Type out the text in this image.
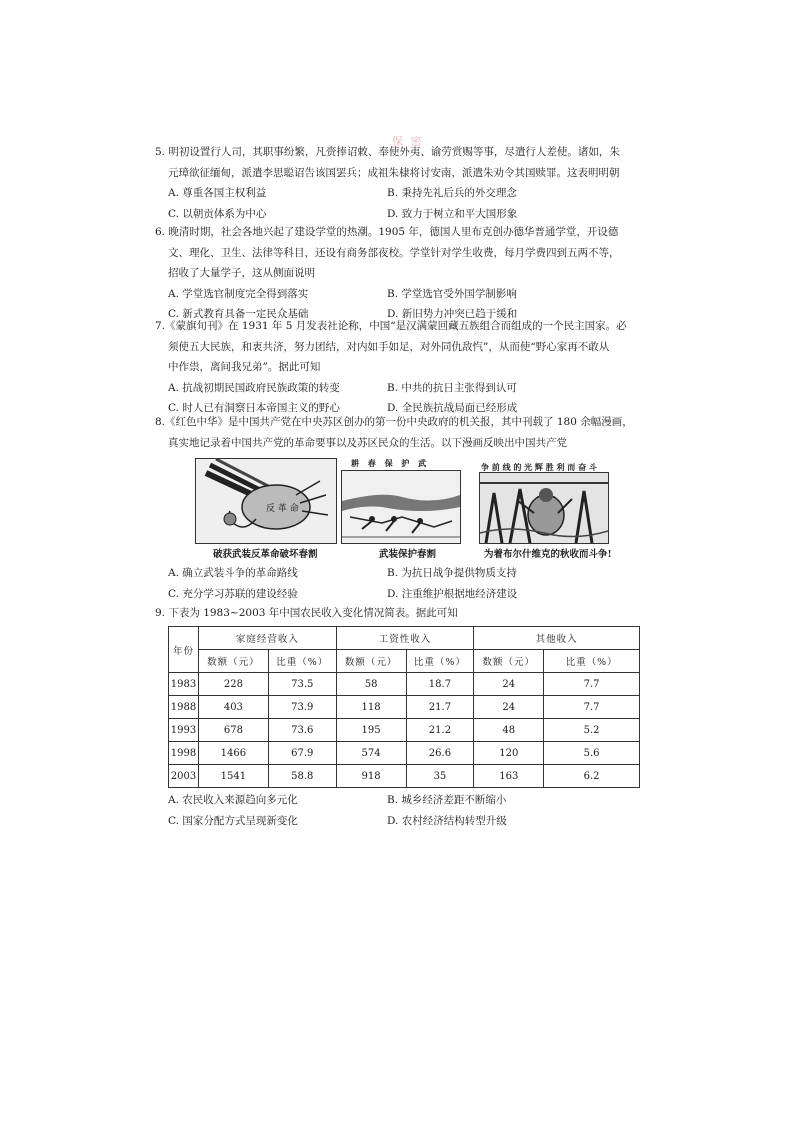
保 密
5. 明初设置行人司，其职事纷繁，凡赍捧诏敕、奉使外夷、谕劳赏赐等事，尽遣行人差使。诸如，朱
元璋欲征缅甸，派遣李思聪诏告该国罢兵；成祖朱棣将讨安南，派遣朱劝令其国赎罪。这表明明朝
A. 尊重各国主权利益	B. 秉持先礼后兵的外交理念
C. 以朝贡体系为中心	D. 致力于树立和平大国形象
6. 晚清时期，社会各地兴起了建设学堂的热潮。1905 年，德国人里布克创办德华普通学堂，开设德
文、理化、卫生、法律等科目，还设有商务部夜校。学堂针对学生收费，每月学费四到五两不等，
招收了大量学子，这从侧面说明
A. 学堂选官制度完全得到落实	B. 学堂选官受外国学制影响
C. 新式教育具备一定民众基础	D. 新旧势力冲突已趋于缓和
7.《蒙旗旬刊》在 1931 年 5 月发表社论称，中国“是汉满蒙回藏五族组合而组成的一个民主国家。必
须使五大民族，和衷共济，努力团结，对内如手如足，对外同仇敌忾”，从而使“野心家再不敢从
中作祟，离间我兄弟”。据此可知
A. 抗战初期民国政府民族政策的转变	B. 中共的抗日主张得到认可
C. 时人已有洞察日本帝国主义的野心	D. 全民族抗战局面已经形成
8.《红色中华》是中国共产党在中央苏区创办的第一份中央政府的机关报，其中刊载了 180 余幅漫画，
真实地记录着中国共产党的革命要事以及苏区民众的生活。以下漫画反映出中国共产党
反 革 命
耕 春 保 护 武	争 前 线 的 光 辉 胜 利 而 奋 斗
破获武装反革命破坏春割	武装保护春割	为着布尔什维克的秋收而斗争!
A. 确立武装斗争的革命路线	B. 为抗日战争提供物质支持
C. 充分学习苏联的建设经验	D. 注重维护根据地经济建设
9. 下表为 1983~2003 年中国农民收入变化情况简表。据此可知
年份	家庭经营收入		工资性收入		其他收入	
	数额（元）	比重（%）	数额（元）	比重（%）	数额（元）	比重（%）
1983	228	73.5	58	18.7	24	7.7
1988	403	73.9	118	21.7	24	7.7
1993	678	73.6	195	21.2	48	5.2
1998	1466	67.9	574	26.6	120	5.6
2003	1541	58.8	918	35	163	6.2
A. 农民收入来源趋向多元化	B. 城乡经济差距不断缩小
C. 国家分配方式呈现新变化	D. 农村经济结构转型升级
